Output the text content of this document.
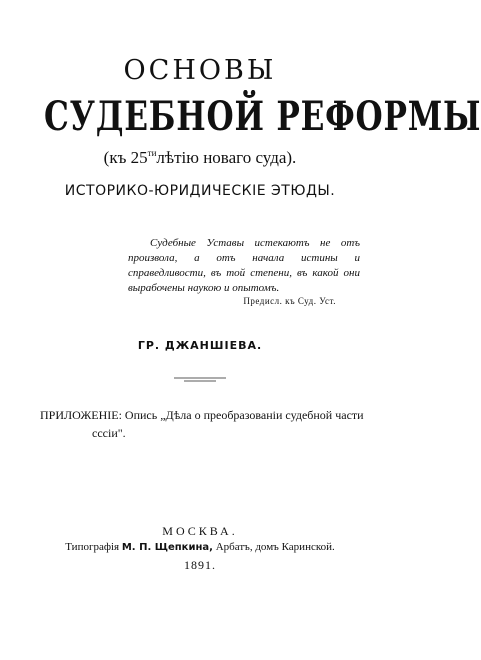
ОСНОВЫ
СУДЕБНОЙ РЕФОРМЫ
(къ $25^{ти}лѣтію$ новаго суда).
ИСТОРИКО-ЮРИДИЧЕСКІЕ ЭТЮДЫ.

Судебные Уставы истекаютъ не отъ произвола, а отъ начала истины и справедливости, въ той степени, въ какой они вырабочены наукою и опытомъ.

Предисл. къ Суд. Уст.
ГР. ДЖАНШІЕВА.
ПРИЛОЖЕНІЕ: Опись „Дѣла о преобразованіи судебной части
сссіи".
МОСКВА.
Типографія М. П. Щепкина, Арбатъ, домъ Каринской.
1891.
